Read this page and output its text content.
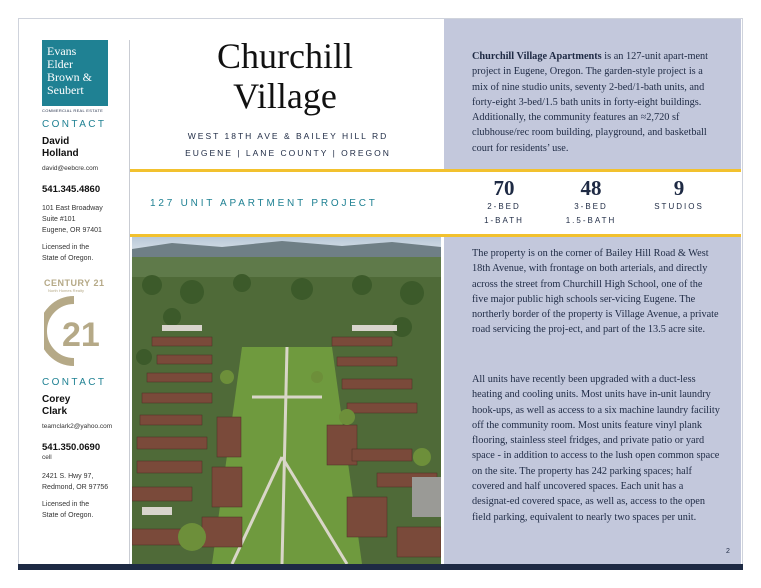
Evans
Elder
Brown &
Seubert
COMMERCIAL REAL ESTATE
CONTACT
David
Holland
david@eebcre.com
541.345.4860
101 East Broadway
Suite #101
Eugene, OR 97401
Licensed in the
State of Oregon.
CENTURY 21
North Homes Realty
21
CONTACT
Corey
Clark
teamclark2@yahoo.com
541.350.0690
cell
2421 S. Hwy 97,
Redmond, OR 97756
Licensed in the
State of Oregon.
Churchill
Village
WEST 18TH AVE & BAILEY HILL RD
EUGENE | LANE COUNTY | OREGON
Churchill Village Apartments is an 127-unit apart-ment project in Eugene, Oregon. The garden-style project is a mix of nine studio units, seventy 2-bed/1-bath units, and forty-eight 3-bed/1.5 bath units in forty-eight buildings. Additionally, the community features an ≈2,720 sf clubhouse/rec room building, playground, and basketball court for residents’ use.
127 UNIT APARTMENT PROJECT
70
2-BED
1-BATH
48
3-BED
1.5-BATH
9
STUDIOS
The property is on the corner of Bailey Hill Road & West 18th Avenue, with frontage on both arterials, and directly across the street from Churchill High School, one of the five major public high schools ser-vicing Eugene. The northerly border of the property is Village Avenue, a private road servicing the proj-ect, and part of the 13.5 acre site.
All units have recently been upgraded with a duct-less heating and cooling units. Most units have in-unit laundry hook-ups, as well as access to a six machine laundry facility off the community room. Most units feature vinyl plank flooring, stainless steel fridges, and private patio or yard space - in addition to access to the lush open common space on the site. The property has 242 parking spaces; half covered and half uncovered spaces. Each unit has a designat-ed covered space, as well as, access to the open field parking, equivalent to nearly two spaces per unit.
2
